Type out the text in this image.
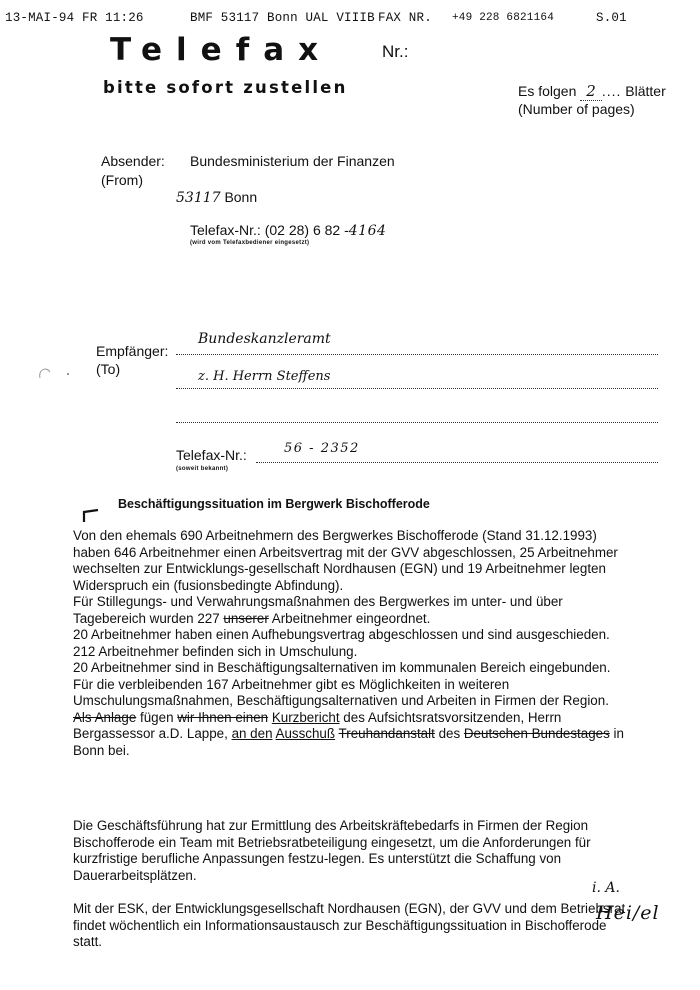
13-MAI-94 FR 11:26	BMF 53117 Bonn UAL VIIIB FAX NR. +49 228 6821164	S.01
Telefax	Nr.:
bitte sofort zustellen	Es folgen 2 .... Blätter
(Number of pages)
Absender:
(From)
Bundesministerium der Finanzen
53117 Bonn
Telefax-Nr.: (02 28) 6 82 -4164
(wird vom Telefaxbediener eingesetzt)
Empfänger:
(To)
Bundeskanzleramt
z. H. Herrn Steffens
Telefax-Nr.:	56 - 2352
(soweit bekannt)
Beschäftigungssituation im Bergwerk Bischofferode

Von den ehemals 690 Arbeitnehmern des Bergwerkes Bischofferode (Stand 31.12.1993) haben 646 Arbeitnehmer einen Arbeitsvertrag mit der GVV abgeschlossen, 25 Arbeitnehmer wechselten zur Entwicklungs-gesellschaft Nordhausen (EGN) und 19 Arbeitnehmer legten Widerspruch ein (fusionsbedingte Abfindung).

Für Stillegungs- und Verwahrungsmaßnahmen des Bergwerkes im unter- und über Tagebereich wurden 227 unserer Arbeitnehmer eingeordnet.

20 Arbeitnehmer haben einen Aufhebungsvertrag abgeschlossen und sind ausgeschieden. 212 Arbeitnehmer befinden sich in Umschulung.

20 Arbeitnehmer sind in Beschäftigungsalternativen im kommunalen Bereich eingebunden. Für die verbleibenden 167 Arbeitnehmer gibt es Möglichkeiten in weiteren Umschulungsmaßnahmen, Beschäftigungsalternativen und Arbeiten in Firmen der Region.

Als Anlage fügen wir Ihnen einen Kurzbericht des Aufsichtsratsvorsitzenden, Herrn Bergassessor a.D. Lappe, an den Ausschuß Treuhandanstalt des Deutschen Bundestages in Bonn bei.

Die Geschäftsführung hat zur Ermittlung des Arbeitskräftebedarfs in Firmen der Region Bischofferode ein Team mit Betriebsratbeteiligung eingesetzt, um die Anforderungen für kurzfristige berufliche Anpassungen festzu-legen. Es unterstützt die Schaffung von Dauerarbeitsplätzen.
Mit der ESK, der Entwicklungsgesellschaft Nordhausen (EGN), der GVV und dem Betriebsrat findet wöchentlich ein Informationsaustausch zur Beschäftigungssituation in Bischofferode statt.
i. A.
Hei/el
